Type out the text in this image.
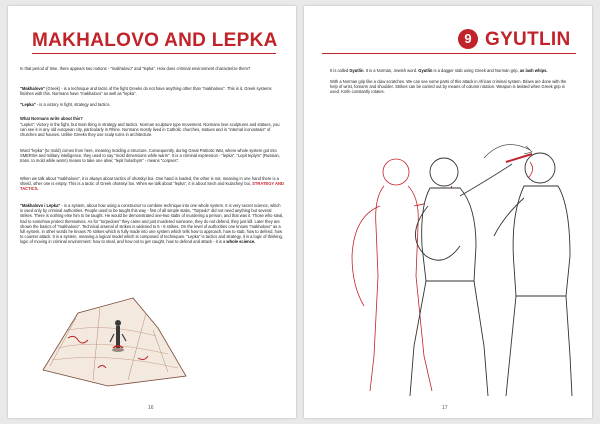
MAKHALOVO AND LEPKA
In that period of time, there appears two notions - "makhalovo" and "lepka". How does criminal environment characterize them?
"Makhalovo" (Greek) - is a technique and tactic of the fight Greeks do not have anything other than "makhalovo". This is it. Greek systems finishes with this. Normans have "makhalovo" as well as "lepka".
"Lepka" - is a victory in fight, strategy and tactics.
What Normans write about this?
"Lepka": Victory in the fight, but main thing is strategy and tactics. Norman sculpture type movement. Normans love sculptures and statues, you can see it in any old european city, particularly in Rhine. Normans mostly lived in Catholic churches, statues and in "internal iconostasis" of churches and houses. Unlike Greeks they use sculp turns in architecture.
Word "lepka" (to mold) comes from here, meaning molding a structure. Consequently, during Great Patriotic War, where whole system got into SMERSH and military intelligence, they used to say "mold dimensions while warm". It is a criminal expression - "lepka". "Lepit teplym" (Russian, trans. to mold while warm) means to take one alive; "lepit holodnym" - means "corpses".
When we talk about "makhalovo", it is always about tactics of ohotskyi boi. One hand is loaded, the other is not, meaning in one hand there is a shield, other one is empty. This is a tactic of Greek ohotskyi boi. When we talk about "lepka", it is about Sech and Kulachnyi boi, STRATEGY AND TACTICS.
"Makhalovo i Lepka" - is a system, about how using a constructor to combine technique into one whole system. It is very secret science, which is used only by criminal authorities. People used to be taught this way - first of all simple stabs, "Torpedo" did not need anything but several strikes. There is nothing else him to be taught. He would be demonstrated one-two stabs of murdering a person, and that was it. Those who steal, had to somehow protect themselves. As for "torpedoes" they came and just murdered someone, they do not defend, they just kill. Later they are shown the basics of "makhalovo". Technical arsenal of strikes is widened to 5 - 6 strikes. On the level of authorities one knows "makhalovo" as a full system, in other words he knows 70 strikes which is fully made into one system which tells how to approach, how to stab, how to defend, how to counter attack. It is a system, meaning a logical model which is composed of techniques. "Lepka" is tactics and strategy, it is a logic of thinking, logic of moving in criminal environment: how to steal, and how not to get caught, how to defend and attack - it is a whole science.
16
9 GYUTLIN
It is called Gyutlin. It is a Norman, Jewish word. Gyutlin is a dagger stab using Greek and Norman grip, as lash whips.
With a Norman grip like a claw scratches. We can see some parts of this attack in African criminal system. Blows are done with the help of wrist, forearm and shoulder. Strikes can be carried out by means of column rotation. Weapon is twisted when Greek grip is used. Knife constantly rotates.
17
